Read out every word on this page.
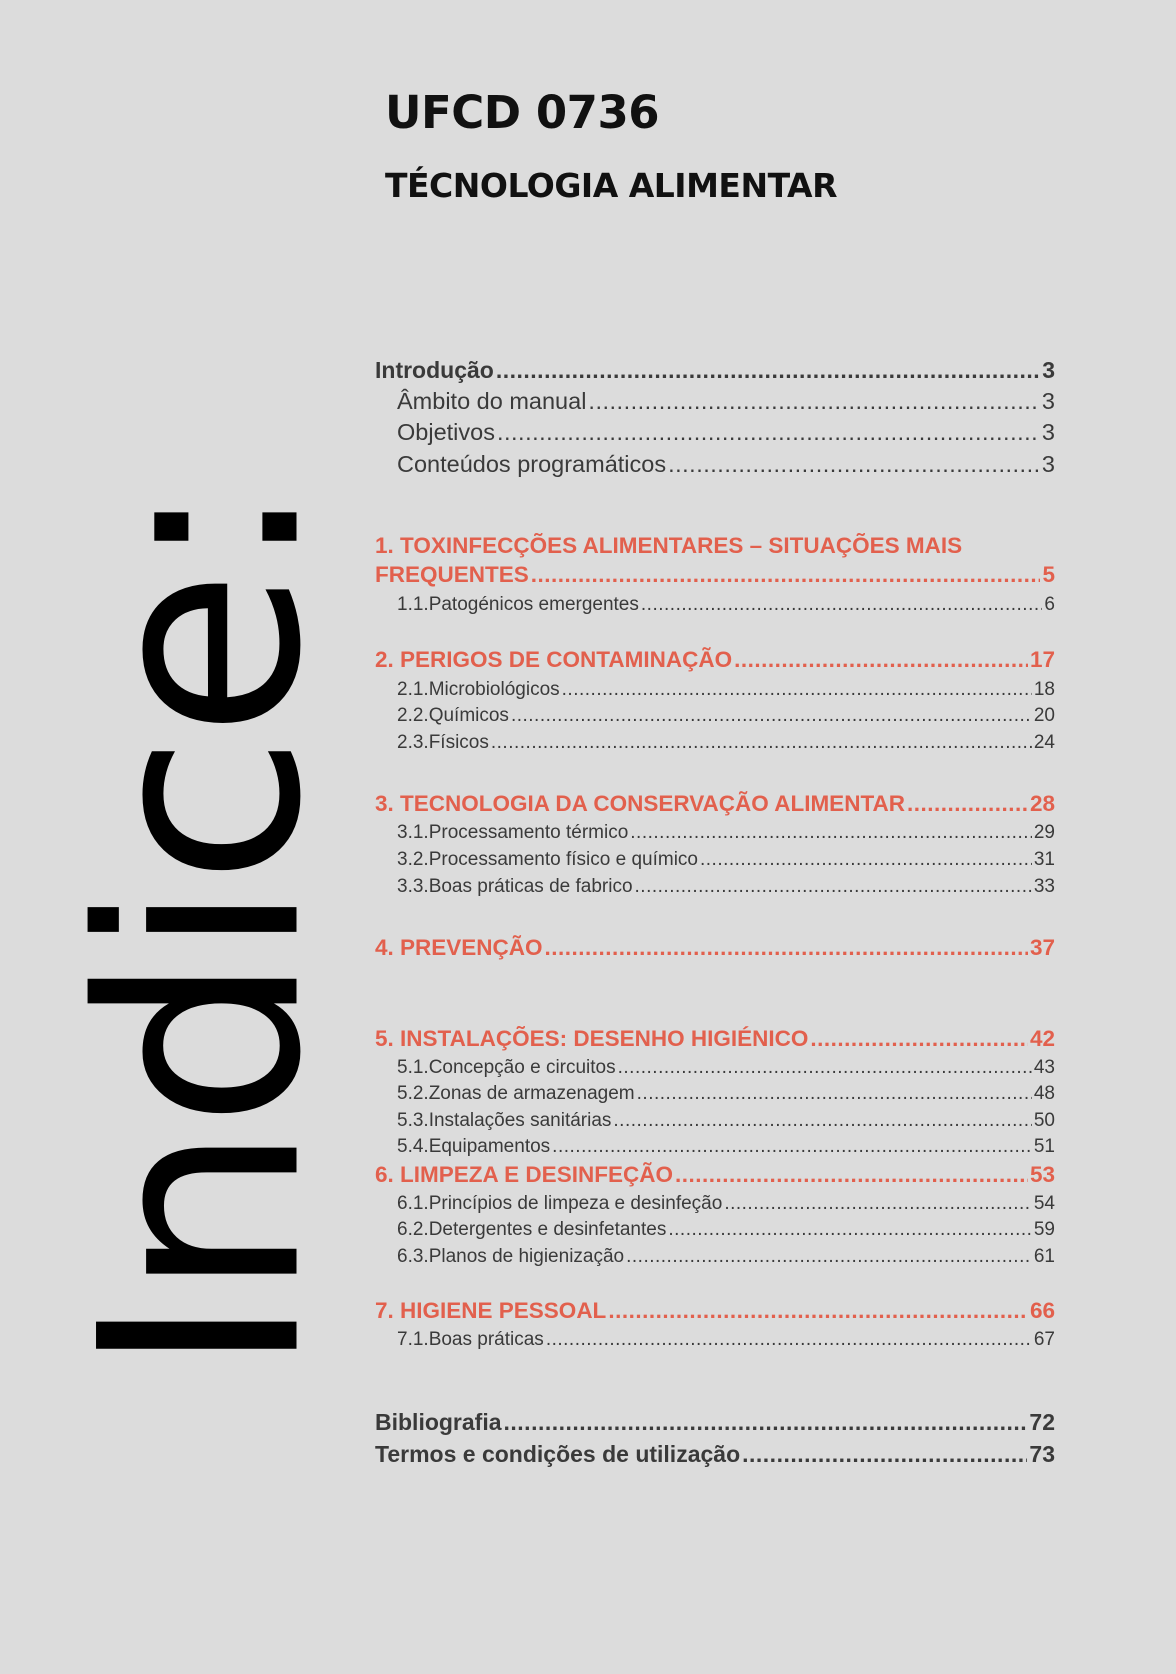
UFCD 0736
TÉCNOLOGIA ALIMENTAR
Indice:
Introdução .....	3
Âmbito do manual .....	3
Objetivos .....	3
Conteúdos programáticos .....	3
1. TOXINFECÇÕES ALIMENTARES – SITUAÇÕES MAIS
FREQUENTES .....	5
1.1.Patogénicos emergentes .....	6
2. PERIGOS DE CONTAMINAÇÃO .....	17
2.1.Microbiológicos .....	18
2.2.Químicos .....	20
2.3.Físicos .....	24
3. TECNOLOGIA DA CONSERVAÇÃO ALIMENTAR .....	28
3.1.Processamento térmico .....	29
3.2.Processamento físico e químico .....	31
3.3.Boas práticas de fabrico .....	33
4. PREVENÇÃO .....	37
5. INSTALAÇÕES: DESENHO HIGIÉNICO .....	42
5.1.Concepção e circuitos .....	43
5.2.Zonas de armazenagem .....	48
5.3.Instalações sanitárias .....	50
5.4.Equipamentos .....	51
6. LIMPEZA E DESINFEÇÃO .....	53
6.1.Princípios de limpeza e desinfeção .....	54
6.2.Detergentes e desinfetantes .....	59
6.3.Planos de higienização .....	61
7. HIGIENE PESSOAL .....	66
7.1.Boas práticas .....	67
Bibliografia .....	72
Termos e condições de utilização .....	73
